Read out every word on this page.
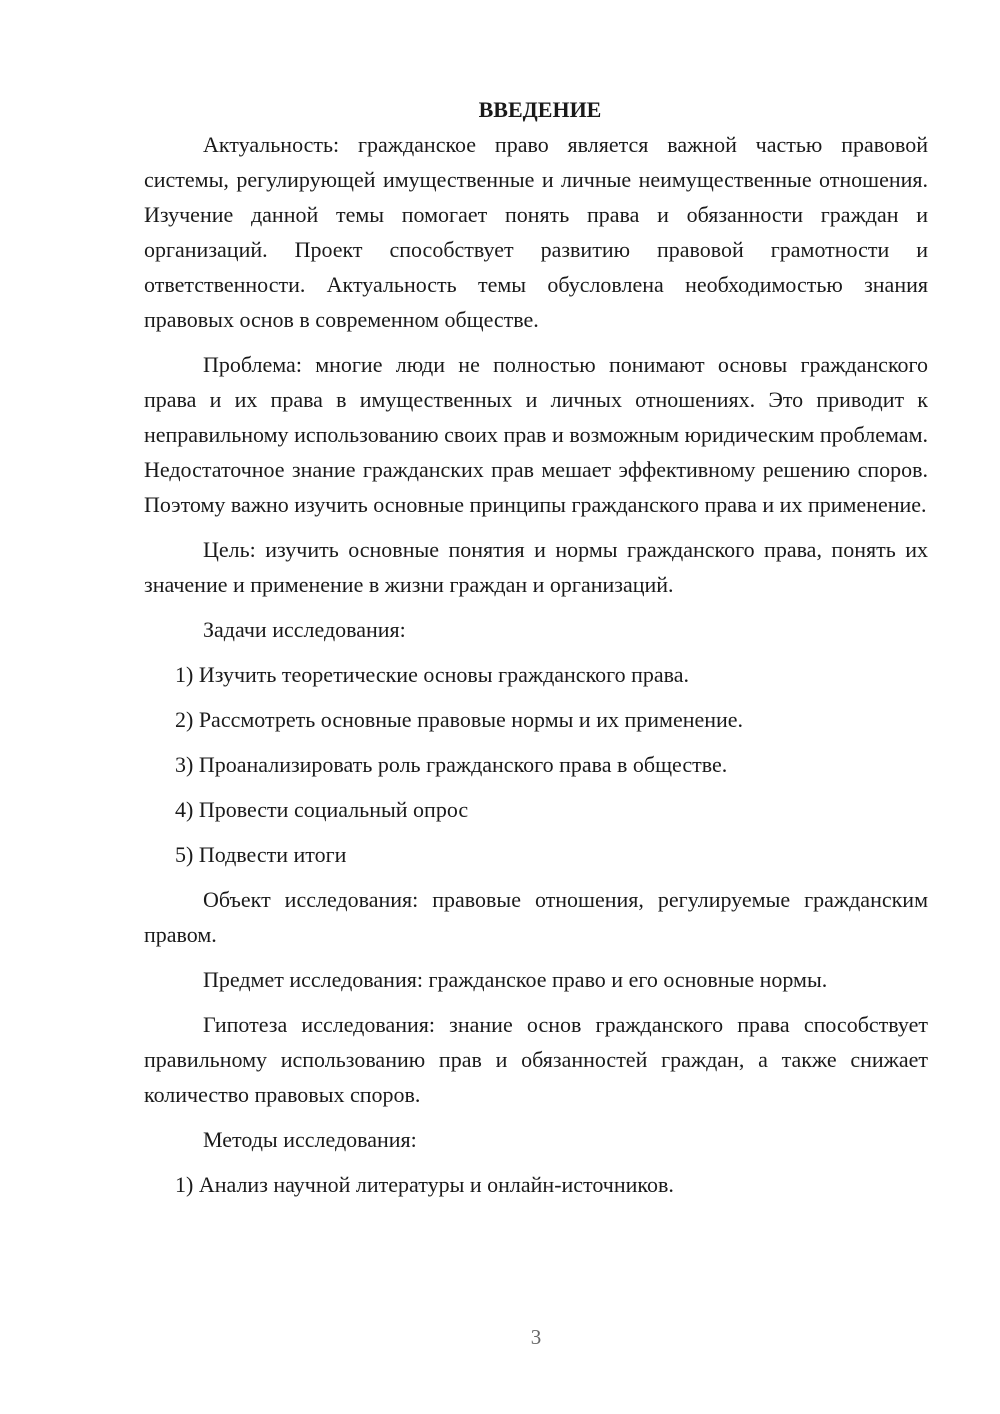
ВВЕДЕНИЕ

Актуальность: гражданское право является важной частью правовой системы, регулирующей имущественные и личные неимущественные отношения. Изучение данной темы помогает понять права и обязанности граждан и организаций. Проект способствует развитию правовой грамотности и ответственности. Актуальность темы обусловлена необходимостью знания правовых основ в современном обществе.

Проблема: многие люди не полностью понимают основы гражданского права и их права в имущественных и личных отношениях. Это приводит к неправильному использованию своих прав и возможным юридическим проблемам. Недостаточное знание гражданских прав мешает эффективному решению споров. Поэтому важно изучить основные принципы гражданского права и их применение.

Цель: изучить основные понятия и нормы гражданского права, понять их значение и применение в жизни граждан и организаций.

Задачи исследования:

1) Изучить теоретические основы гражданского права.
2) Рассмотреть основные правовые нормы и их применение.
3) Проанализировать роль гражданского права в обществе.
4) Провести социальный опрос
5) Подвести итоги

Объект исследования: правовые отношения, регулируемые гражданским правом.

Предмет исследования: гражданское право и его основные нормы.

Гипотеза исследования: знание основ гражданского права способствует правильному использованию прав и обязанностей граждан, а также снижает количество правовых споров.

Методы исследования:

1) Анализ научной литературы и онлайн-источников.
3
